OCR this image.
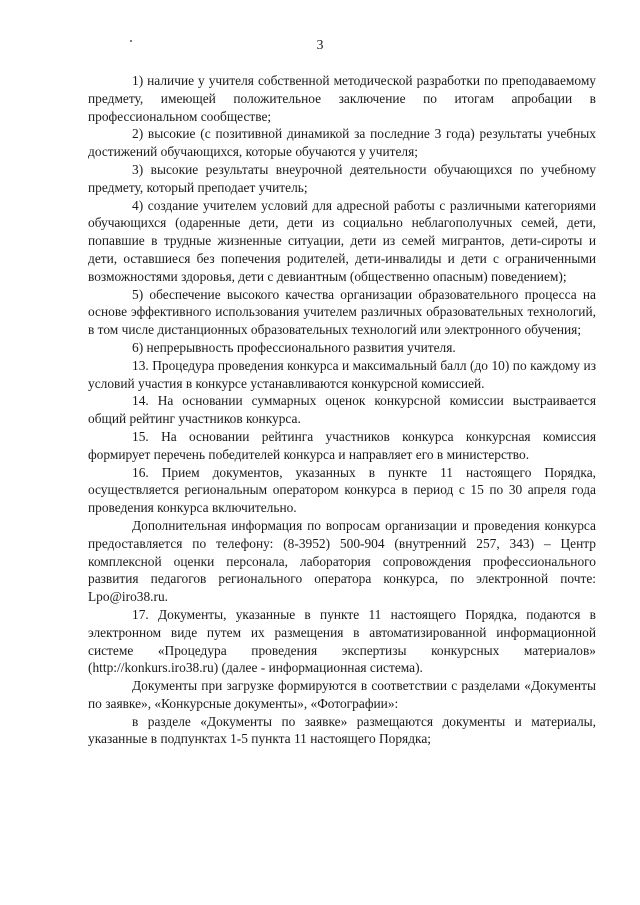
3

1) наличие у учителя собственной методической разработки по преподаваемому предмету, имеющей положительное заключение по итогам апробации в профессиональном сообществе;

2) высокие (с позитивной динамикой за последние 3 года) результаты учебных достижений обучающихся, которые обучаются у учителя;

3) высокие результаты внеурочной деятельности обучающихся по учебному предмету, который преподает учитель;

4) создание учителем условий для адресной работы с различными категориями обучающихся (одаренные дети, дети из социально неблагополучных семей, дети, попавшие в трудные жизненные ситуации, дети из семей мигрантов, дети-сироты и дети, оставшиеся без попечения родителей, дети-инвалиды и дети с ограниченными возможностями здоровья, дети с девиантным (общественно опасным) поведением);

5) обеспечение высокого качества организации образовательного процесса на основе эффективного использования учителем различных образовательных технологий, в том числе дистанционных образовательных технологий или электронного обучения;

6) непрерывность профессионального развития учителя.

13. Процедура проведения конкурса и максимальный балл (до 10) по каждому из условий участия в конкурсе устанавливаются конкурсной комиссией.

14. На основании суммарных оценок конкурсной комиссии выстраивается общий рейтинг участников конкурса.

15. На основании рейтинга участников конкурса конкурсная комиссия формирует перечень победителей конкурса и направляет его в министерство.

16. Прием документов, указанных в пункте 11 настоящего Порядка, осуществляется региональным оператором конкурса в период с 15 по 30 апреля года проведения конкурса включительно.

Дополнительная информация по вопросам организации и проведения конкурса предоставляется по телефону: (8-3952) 500-904 (внутренний 257, 343) – Центр комплексной оценки персонала, лаборатория сопровождения профессионального развития педагогов регионального оператора конкурса, по электронной почте: Lpo@iro38.ru.

17. Документы, указанные в пункте 11 настоящего Порядка, подаются в электронном виде путем их размещения в автоматизированной информационной системе «Процедура проведения экспертизы конкурсных материалов» (http://konkurs.iro38.ru) (далее - информационная система).

Документы при загрузке формируются в соответствии с разделами «Документы по заявке», «Конкурсные документы», «Фотографии»:

в разделе «Документы по заявке» размещаются документы и материалы, указанные в подпунктах 1-5 пункта 11 настоящего Порядка;
